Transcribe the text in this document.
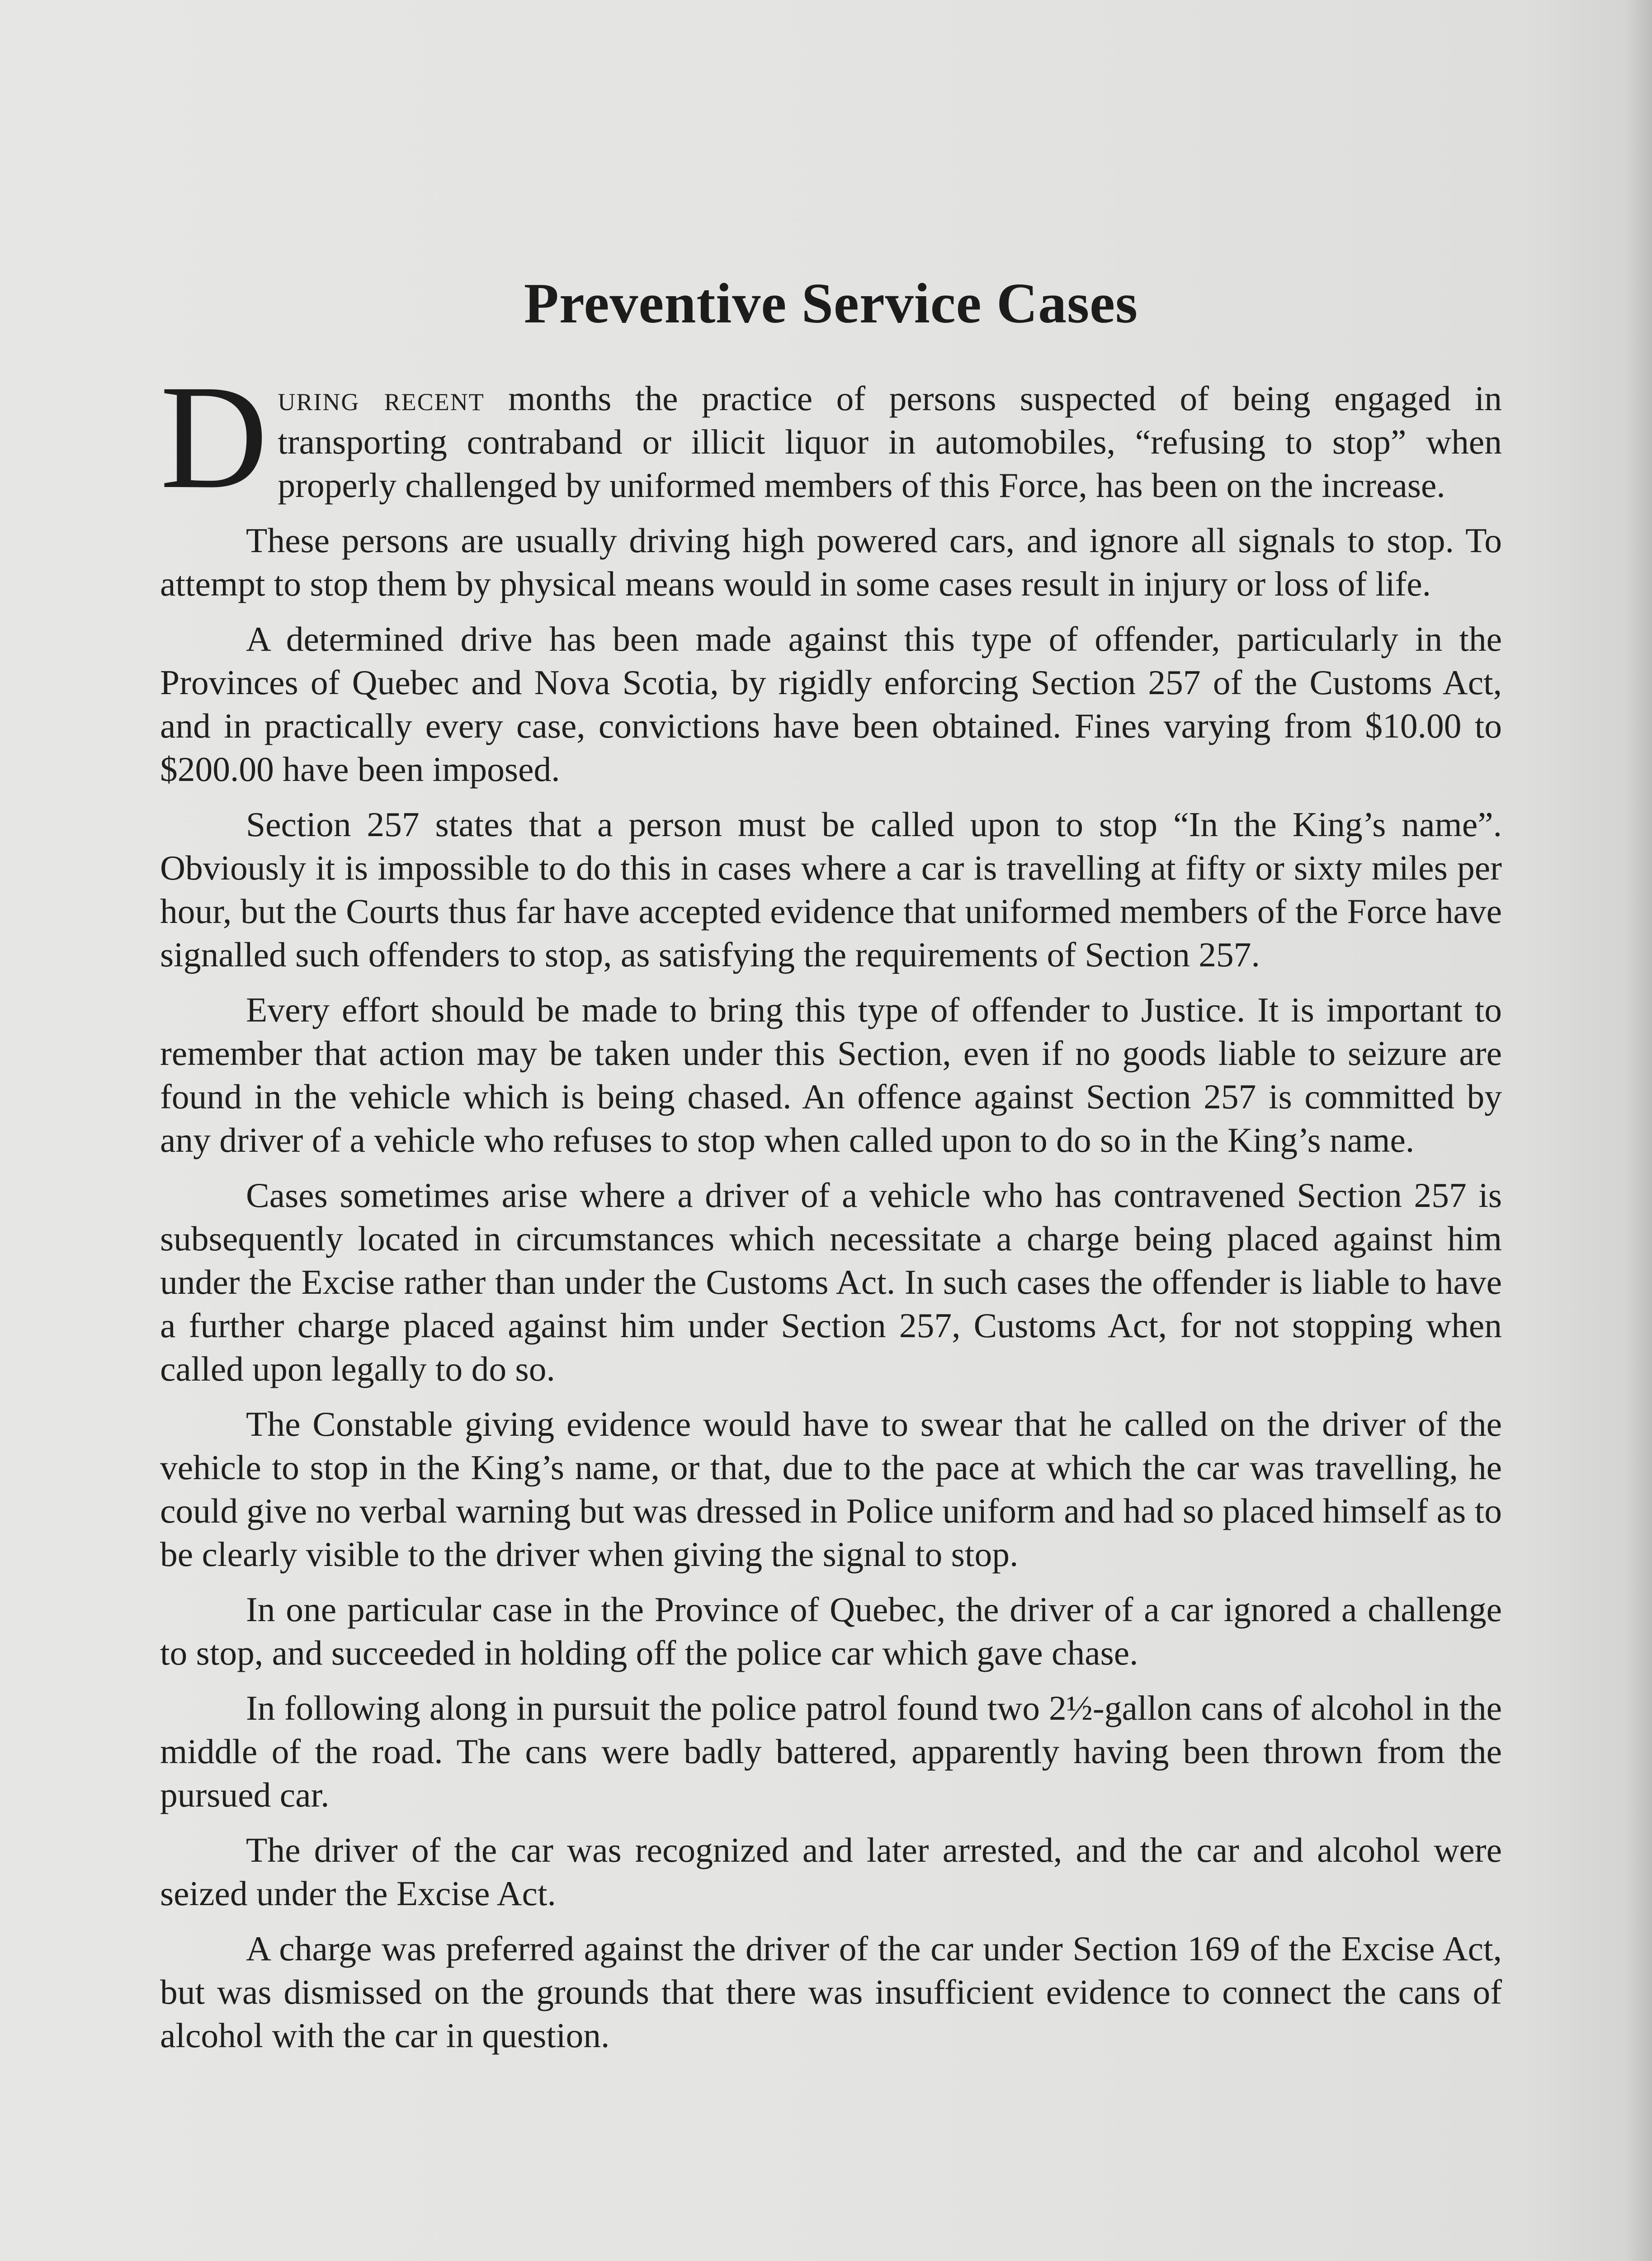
Preventive Service Cases

During recent months the practice of persons suspected of being engaged in transporting contraband or illicit liquor in automobiles, “refusing to stop” when properly challenged by uniformed members of this Force, has been on the increase.

These persons are usually driving high powered cars, and ignore all signals to stop. To attempt to stop them by physical means would in some cases result in injury or loss of life.

A determined drive has been made against this type of offender, particularly in the Provinces of Quebec and Nova Scotia, by rigidly enforcing Section 257 of the Customs Act, and in practically every case, convictions have been obtained. Fines varying from $10.00 to $200.00 have been imposed.

Section 257 states that a person must be called upon to stop “In the King’s name”. Obviously it is impossible to do this in cases where a car is travelling at fifty or sixty miles per hour, but the Courts thus far have accepted evidence that uniformed members of the Force have signalled such offenders to stop, as satisfying the requirements of Section 257.

Every effort should be made to bring this type of offender to Justice. It is important to remember that action may be taken under this Section, even if no goods liable to seizure are found in the vehicle which is being chased. An offence against Section 257 is committed by any driver of a vehicle who refuses to stop when called upon to do so in the King’s name.

Cases sometimes arise where a driver of a vehicle who has contravened Section 257 is subsequently located in circumstances which necessitate a charge being placed against him under the Excise rather than under the Customs Act. In such cases the offender is liable to have a further charge placed against him under Section 257, Customs Act, for not stopping when called upon legally to do so.

The Constable giving evidence would have to swear that he called on the driver of the vehicle to stop in the King’s name, or that, due to the pace at which the car was travelling, he could give no verbal warning but was dressed in Police uniform and had so placed himself as to be clearly visible to the driver when giving the signal to stop.

In one particular case in the Province of Quebec, the driver of a car ignored a challenge to stop, and succeeded in holding off the police car which gave chase.

In following along in pursuit the police patrol found two 2½-gallon cans of alcohol in the middle of the road. The cans were badly battered, apparently having been thrown from the pursued car.

The driver of the car was recognized and later arrested, and the car and alcohol were seized under the Excise Act.

A charge was preferred against the driver of the car under Section 169 of the Excise Act, but was dismissed on the grounds that there was insufficient evidence to connect the cans of alcohol with the car in question.
